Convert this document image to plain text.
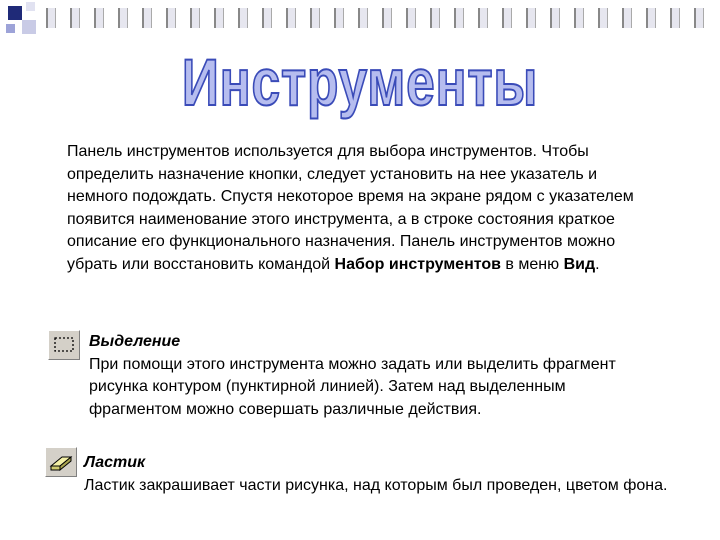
Инструменты

Панель инструментов используется для выбора инструментов. Чтобы определить назначение кнопки, следует установить на нее указатель и немного подождать. Спустя некоторое время на экране рядом с указателем появится наименование этого инструмента, а в строке состояния краткое описание его функционального назначения. Панель инструментов можно убрать или восстановить командой Набор инструментов в меню Вид.

Выделение
При помощи этого инструмента можно задать или выделить фрагмент рисунка контуром (пунктирной линией). Затем над выделенным фрагментом можно совершать различные действия.
Ластик
Ластик закрашивает части рисунка, над которым был проведен, цветом фона.
